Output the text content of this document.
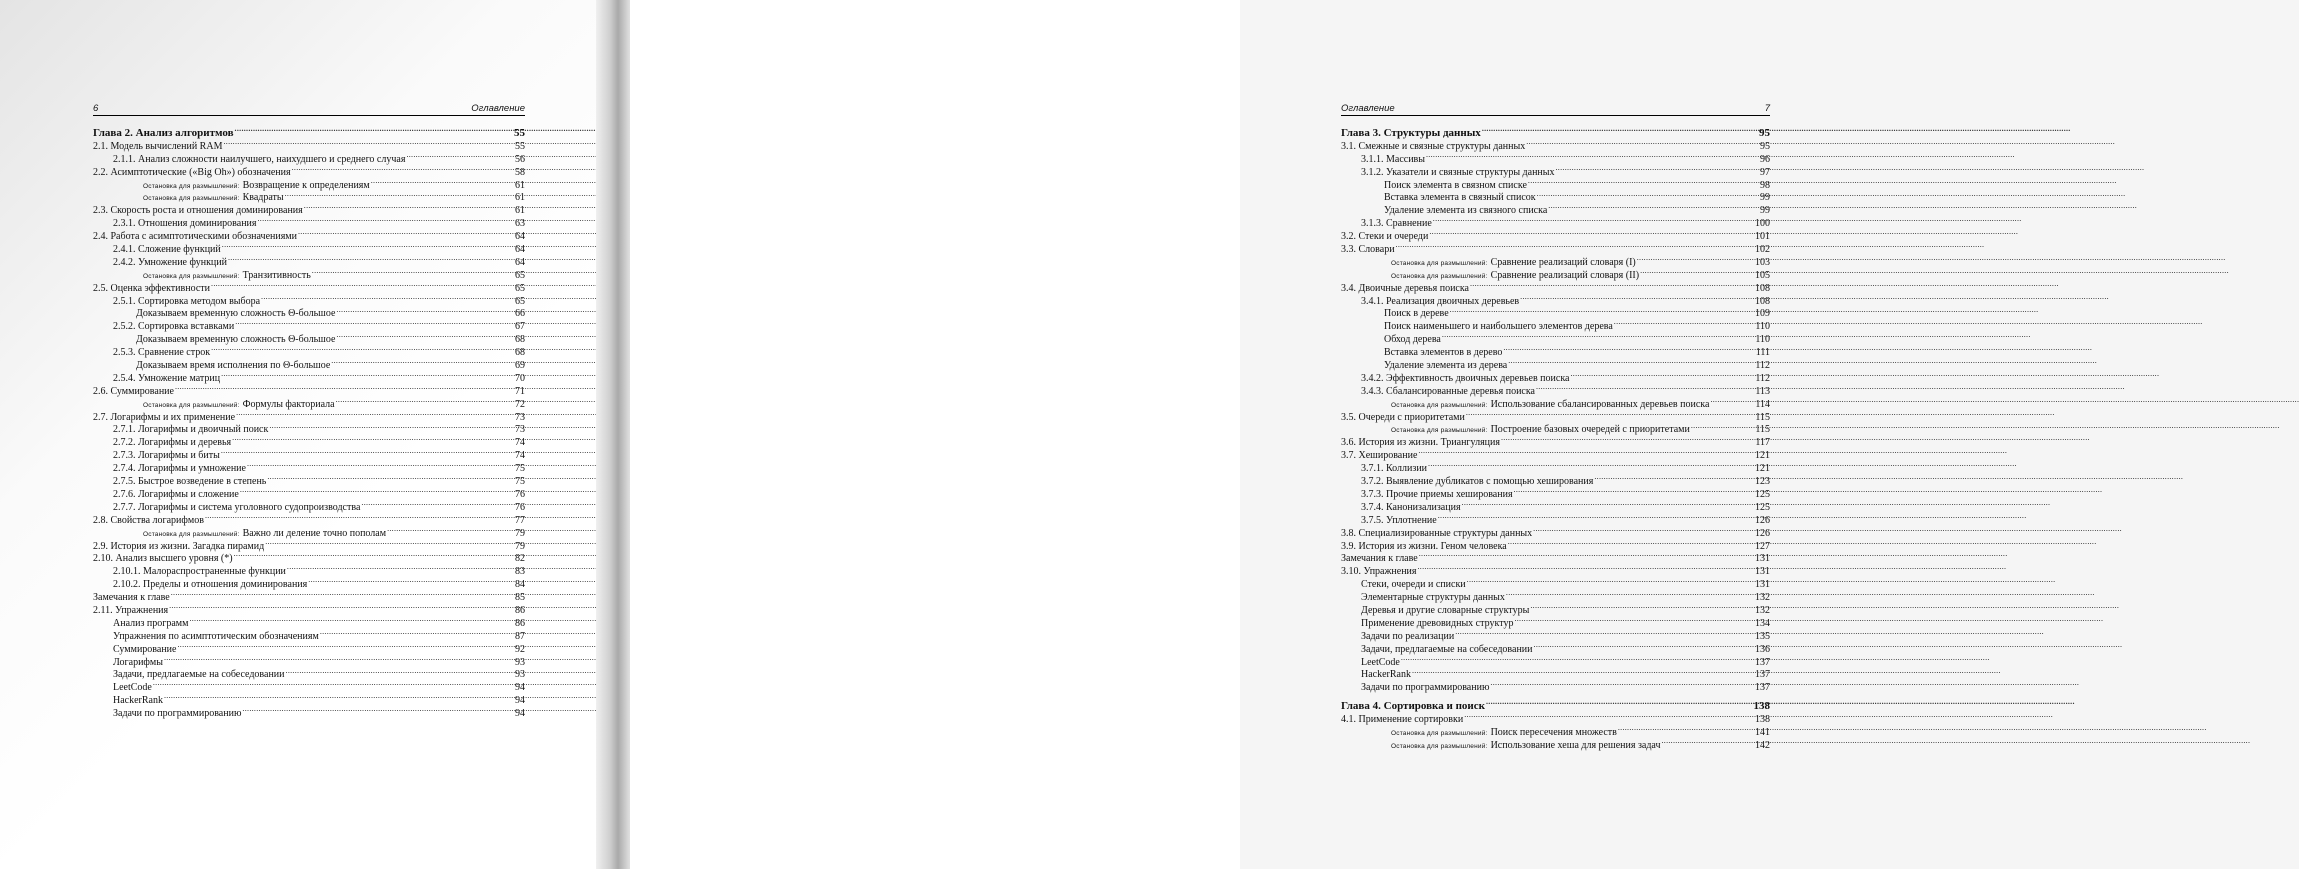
6	Оглавление
Глава 2. Анализ алгоритмов .....	55
2.1. Модель вычислений RAM .....	55
2.1.1. Анализ сложности наилучшего, наихудшего и среднего случая .....	56
2.2. Асимптотические («Big Oh») обозначения .....	58
Остановка для размышлений: Возвращение к определениям .....	61
Остановка для размышлений: Квадраты .....	61
2.3. Скорость роста и отношения доминирования .....	61
2.3.1. Отношения доминирования .....	63
2.4. Работа с асимптотическими обозначениями .....	64
2.4.1. Сложение функций .....	64
2.4.2. Умножение функций .....	64
Остановка для размышлений: Транзитивность .....	65
2.5. Оценка эффективности .....	65
2.5.1. Сортировка методом выбора .....	65
Доказываем временную сложность Θ-большое .....	66
2.5.2. Сортировка вставками .....	67
Доказываем временную сложность Θ-большое .....	68
2.5.3. Сравнение строк .....	68
Доказываем время исполнения по Θ-большое .....	69
2.5.4. Умножение матриц .....	70
2.6. Суммирование .....	71
Остановка для размышлений: Формулы факториала .....	72
2.7. Логарифмы и их применение .....	73
2.7.1. Логарифмы и двоичный поиск .....	73
2.7.2. Логарифмы и деревья .....	74
2.7.3. Логарифмы и биты .....	74
2.7.4. Логарифмы и умножение .....	75
2.7.5. Быстрое возведение в степень .....	75
2.7.6. Логарифмы и сложение .....	76
2.7.7. Логарифмы и система уголовного судопроизводства .....	76
2.8. Свойства логарифмов .....	77
Остановка для размышлений: Важно ли деление точно пополам .....	79
2.9. История из жизни. Загадка пирамид .....	79
2.10. Анализ высшего уровня (*) .....	82
2.10.1. Малораспространенные функции .....	83
2.10.2. Пределы и отношения доминирования .....	84
Замечания к главе .....	85
2.11. Упражнения .....	86
Анализ программ .....	86
Упражнения по асимптотическим обозначениям .....	87
Суммирование .....	92
Логарифмы .....	93
Задачи, предлагаемые на собеседовании .....	93
LeetCode .....	94
HackerRank .....	94
Задачи по программированию .....	94
Оглавление	7
Глава 3. Структуры данных .....	95
3.1. Смежные и связные структуры данных .....	95
3.1.1. Массивы .....	96
3.1.2. Указатели и связные структуры данных .....	97
Поиск элемента в связном списке .....	98
Вставка элемента в связный список .....	99
Удаление элемента из связного списка .....	99
3.1.3. Сравнение .....	100
3.2. Стеки и очереди .....	101
3.3. Словари .....	102
Остановка для размышлений: Сравнение реализаций словаря (I) .....	103
Остановка для размышлений: Сравнение реализаций словаря (II) .....	105
3.4. Двоичные деревья поиска .....	108
3.4.1. Реализация двоичных деревьев .....	108
Поиск в дереве .....	109
Поиск наименьшего и наибольшего элементов дерева .....	110
Обход дерева .....	110
Вставка элементов в дерево .....	111
Удаление элемента из дерева .....	112
3.4.2. Эффективность двоичных деревьев поиска .....	112
3.4.3. Сбалансированные деревья поиска .....	113
Остановка для размышлений: Использование сбалансированных деревьев поиска .....	114
3.5. Очереди с приоритетами .....	115
Остановка для размышлений: Построение базовых очередей с приоритетами .....	115
3.6. История из жизни. Триангуляция .....	117
3.7. Хеширование .....	121
3.7.1. Коллизии .....	121
3.7.2. Выявление дубликатов с помощью хеширования .....	123
3.7.3. Прочие приемы хеширования .....	125
3.7.4. Канонизализация .....	125
3.7.5. Уплотнение .....	126
3.8. Специализированные структуры данных .....	126
3.9. История из жизни. Геном человека .....	127
Замечания к главе .....	131
3.10. Упражнения .....	131
Стеки, очереди и списки .....	131
Элементарные структуры данных .....	132
Деревья и другие словарные структуры .....	132
Применение древовидных структур .....	134
Задачи по реализации .....	135
Задачи, предлагаемые на собеседовании .....	136
LeetCode .....	137
HackerRank .....	137
Задачи по программированию .....	137
Глава 4. Сортировка и поиск .....	138
4.1. Применение сортировки .....	138
Остановка для размышлений: Поиск пересечения множеств .....	141
Остановка для размышлений: Использование хеша для решения задач .....	142
